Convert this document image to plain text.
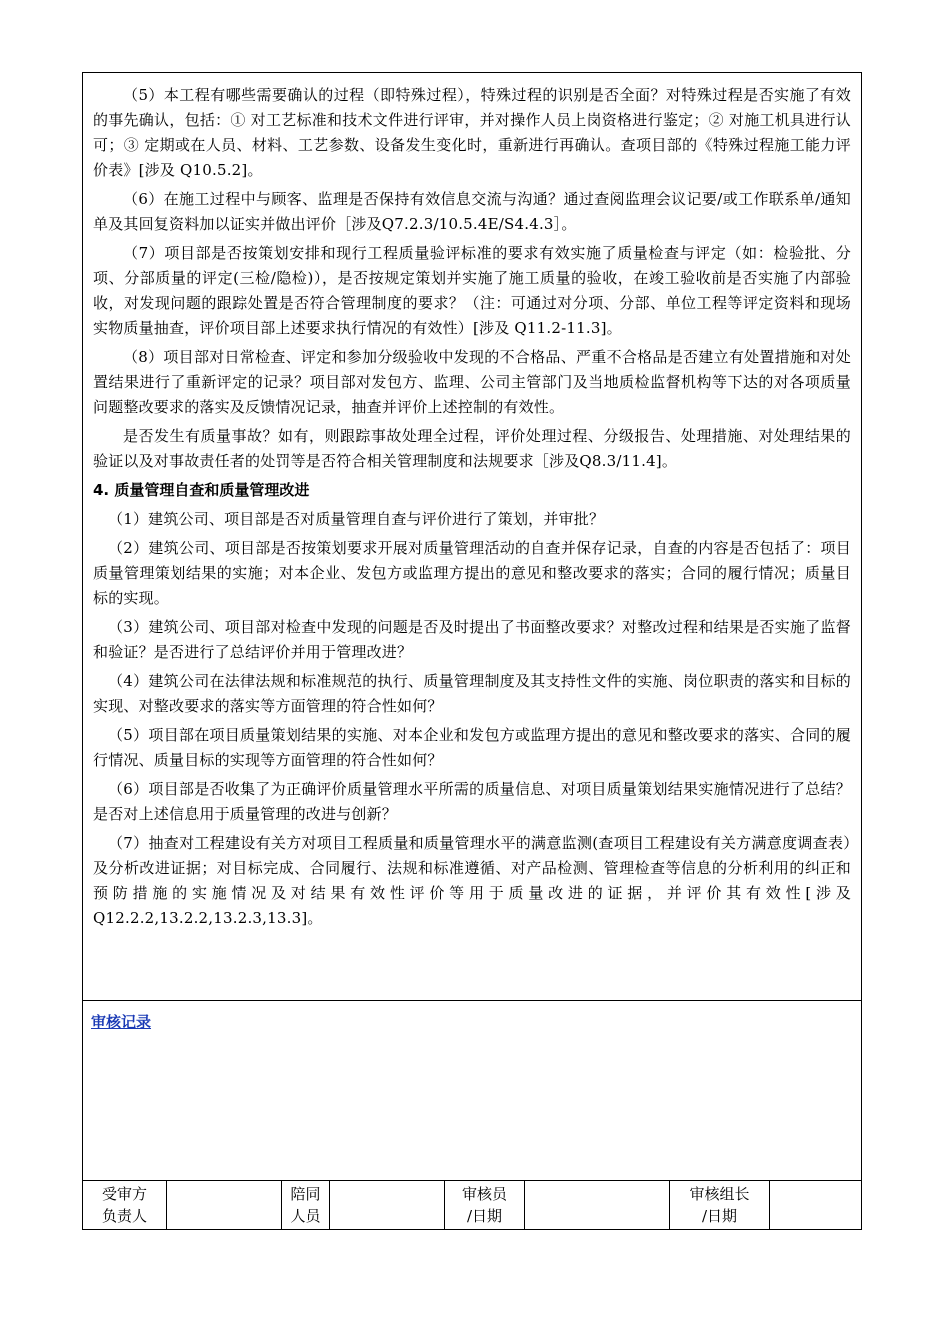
（5）本工程有哪些需要确认的过程（即特殊过程），特殊过程的识别是否全面？对特殊过程是否实施了有效的事先确认，包括：① 对工艺标准和技术文件进行评审，并对操作人员上岗资格进行鉴定；② 对施工机具进行认可；③ 定期或在人员、材料、工艺参数、设备发生变化时，重新进行再确认。查项目部的《特殊过程施工能力评价表》[涉及 Q10.5.2]。

（6）在施工过程中与顾客、监理是否保持有效信息交流与沟通？通过查阅监理会议记要/或工作联系单/通知单及其回复资料加以证实并做出评价［涉及Q7.2.3/10.5.4E/S4.4.3］。

（7）项目部是否按策划安排和现行工程质量验评标准的要求有效实施了质量检查与评定（如：检验批、分项、分部质量的评定(三检/隐检)），是否按规定策划并实施了施工质量的验收，在竣工验收前是否实施了内部验收，对发现问题的跟踪处置是否符合管理制度的要求？（注：可通过对分项、分部、单位工程等评定资料和现场实物质量抽查，评价项目部上述要求执行情况的有效性）[涉及 Q11.2-11.3]。

（8）项目部对日常检查、评定和参加分级验收中发现的不合格品、严重不合格品是否建立有处置措施和对处置结果进行了重新评定的记录？项目部对发包方、监理、公司主管部门及当地质检监督机构等下达的对各项质量问题整改要求的落实及反馈情况记录，抽查并评价上述控制的有效性。

是否发生有质量事故？如有，则跟踪事故处理全过程，评价处理过程、分级报告、处理措施、对处理结果的验证以及对事故责任者的处罚等是否符合相关管理制度和法规要求［涉及Q8.3/11.4]。

4. 质量管理自查和质量管理改进

（1）建筑公司、项目部是否对质量管理自查与评价进行了策划，并审批？

（2）建筑公司、项目部是否按策划要求开展对质量管理活动的自查并保存记录，自查的内容是否包括了：项目质量管理策划结果的实施；对本企业、发包方或监理方提出的意见和整改要求的落实；合同的履行情况；质量目标的实现。

（3）建筑公司、项目部对检查中发现的问题是否及时提出了书面整改要求？对整改过程和结果是否实施了监督和验证？是否进行了总结评价并用于管理改进？

（4）建筑公司在法律法规和标准规范的执行、质量管理制度及其支持性文件的实施、岗位职责的落实和目标的实现、对整改要求的落实等方面管理的符合性如何？

（5）项目部在项目质量策划结果的实施、对本企业和发包方或监理方提出的意见和整改要求的落实、合同的履行情况、质量目标的实现等方面管理的符合性如何？

（6）项目部是否收集了为正确评价质量管理水平所需的质量信息、对项目质量策划结果实施情况进行了总结？是否对上述信息用于质量管理的改进与创新？

（7）抽查对工程建设有关方对项目工程质量和质量管理水平的满意监测(查项目工程建设有关方满意度调查表）及分析改进证据；对目标完成、合同履行、法规和标准遵循、对产品检测、管理检查等信息的分析利用的纠正和预防措施的实施情况及对结果有效性评价等用于质量改进的证据，并评价其有效性[涉及Q12.2.2,13.2.2,13.2.3,13.3]。

审核记录
受审方
负责人
陪同
人员
审核员
/日期
审核组长
/日期
